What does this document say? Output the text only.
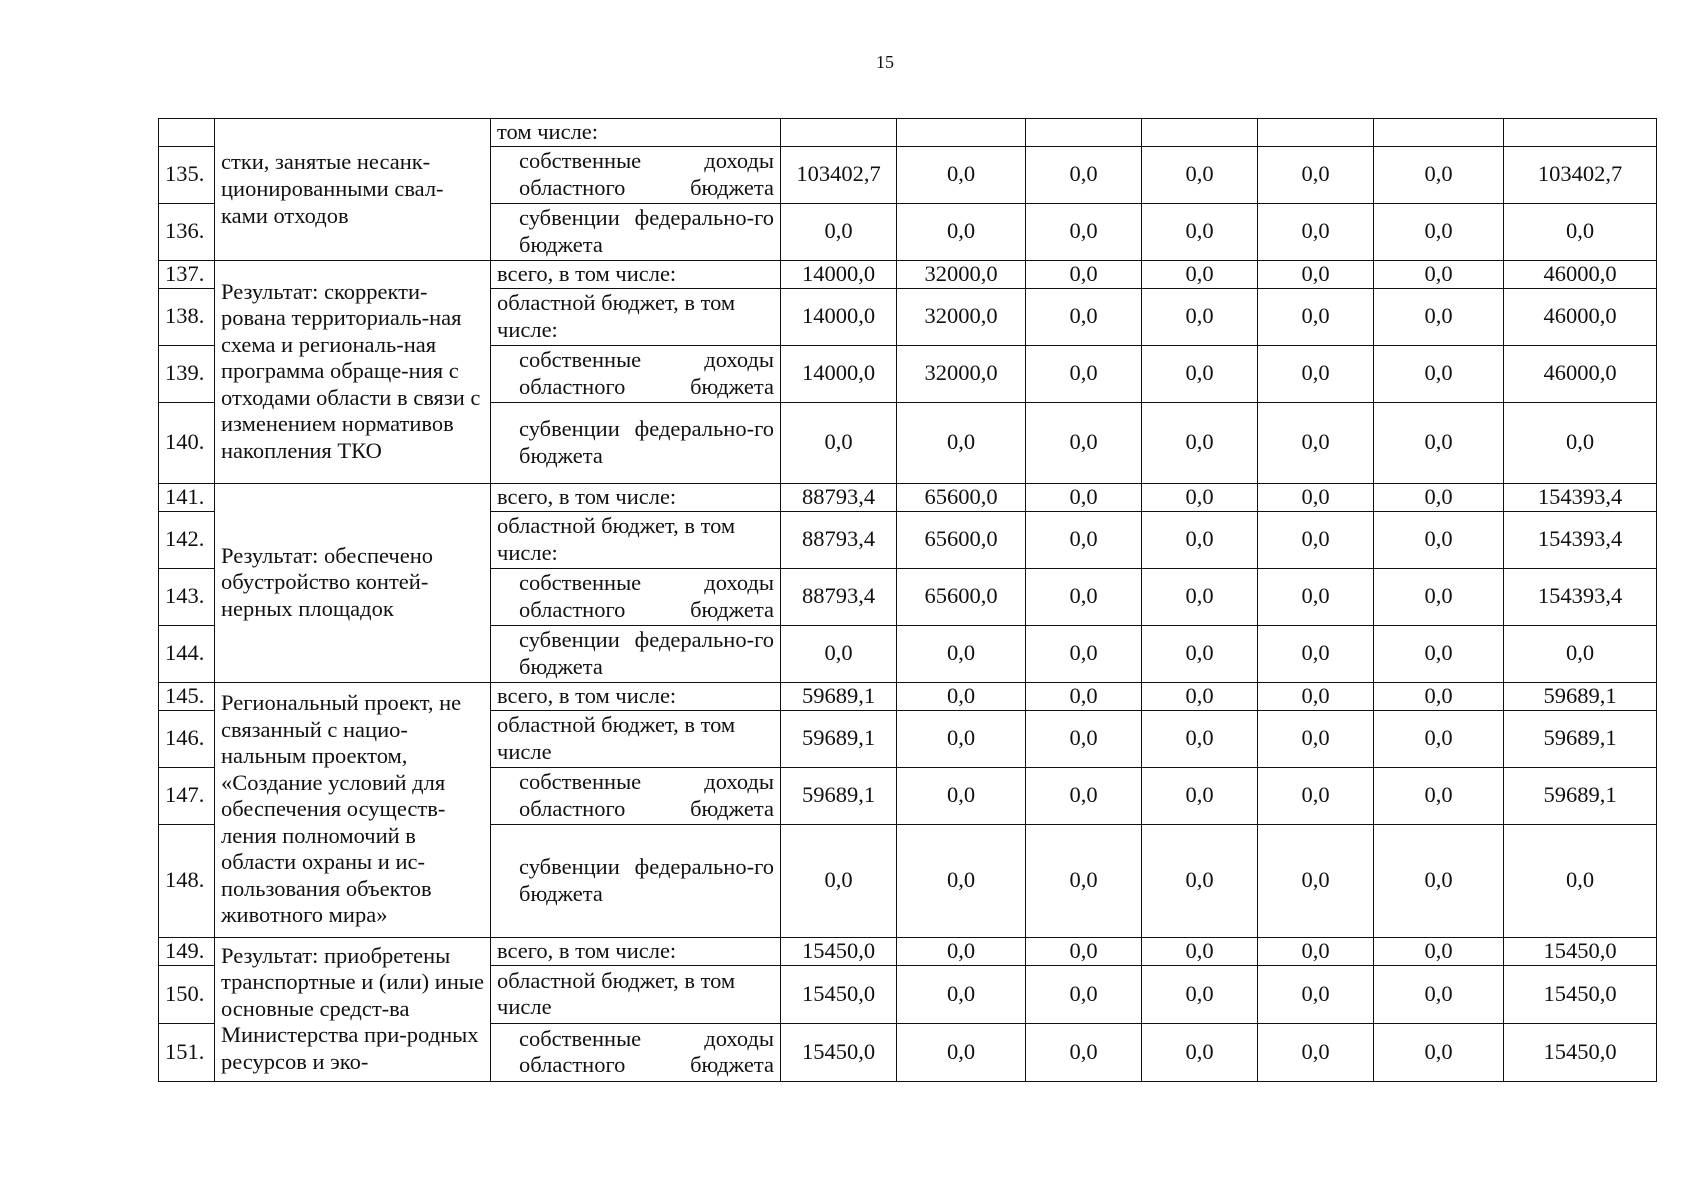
15
	стки, занятые несанк-ционированными свал-ками отходов	том числе:							
135.		собственные доходы областного бюджета	103402,7	0,0	0,0	0,0	0,0	0,0	103402,7
136.		субвенции федерально-го бюджета	0,0	0,0	0,0	0,0	0,0	0,0	0,0
137.	Результат: скорректи-рована территориаль-ная схема и региональ-ная программа обраще-ния с отходами области в связи с изменением нормативов накопления ТКО	всего, в том числе:	14000,0	32000,0	0,0	0,0	0,0	0,0	46000,0
138.		областной бюджет, в том числе:	14000,0	32000,0	0,0	0,0	0,0	0,0	46000,0
139.		собственные доходы областного бюджета	14000,0	32000,0	0,0	0,0	0,0	0,0	46000,0
140.		субвенции федерально-го бюджета	0,0	0,0	0,0	0,0	0,0	0,0	0,0
141.	Результат: обеспечено обустройство контей-нерных площадок	всего, в том числе:	88793,4	65600,0	0,0	0,0	0,0	0,0	154393,4
142.		областной бюджет, в том числе:	88793,4	65600,0	0,0	0,0	0,0	0,0	154393,4
143.		собственные доходы областного бюджета	88793,4	65600,0	0,0	0,0	0,0	0,0	154393,4
144.		субвенции федерально-го бюджета	0,0	0,0	0,0	0,0	0,0	0,0	0,0
145.	Региональный проект, не связанный с нацио-нальным проектом, «Создание условий для обеспечения осуществ-ления полномочий в области охраны и ис-пользования объектов животного мира»	всего, в том числе:	59689,1	0,0	0,0	0,0	0,0	0,0	59689,1
146.		областной бюджет, в том числе	59689,1	0,0	0,0	0,0	0,0	0,0	59689,1
147.		собственные доходы областного бюджета	59689,1	0,0	0,0	0,0	0,0	0,0	59689,1
148.		субвенции федерально-го бюджета	0,0	0,0	0,0	0,0	0,0	0,0	0,0
149.	Результат: приобретены транспортные и (или) иные основные средст-ва Министерства при-родных ресурсов и эко-	всего, в том числе:	15450,0	0,0	0,0	0,0	0,0	0,0	15450,0
150.		областной бюджет, в том числе	15450,0	0,0	0,0	0,0	0,0	0,0	15450,0
151.		собственные доходы областного бюджета	15450,0	0,0	0,0	0,0	0,0	0,0	15450,0
